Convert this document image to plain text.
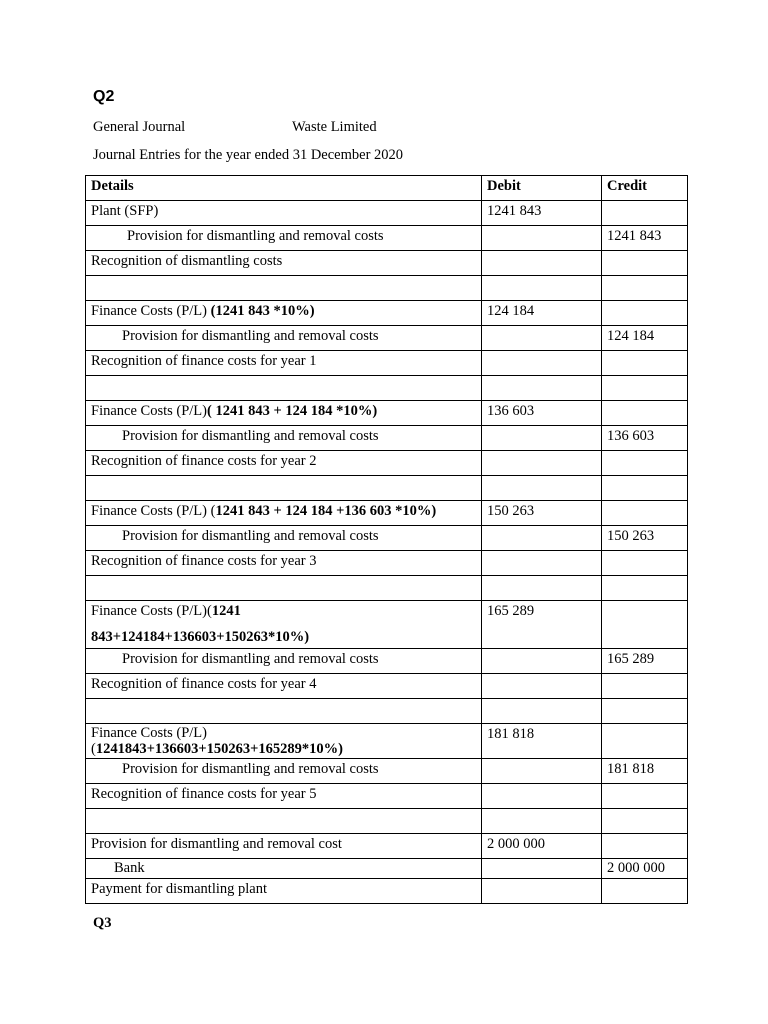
Q2
General Journal	Waste Limited
Journal Entries for the year ended 31 December 2020
Details	Debit	Credit
Plant (SFP)	1241 843	
Provision for dismantling and removal costs		1241 843
Recognition of dismantling costs		

Finance Costs (P/L) (1241 843 *10%)	124 184	
Provision for dismantling and removal costs		124 184
Recognition of finance costs for year 1		

Finance Costs (P/L)( 1241 843 + 124 184 *10%)	136 603	
Provision for dismantling and removal costs		136 603
Recognition of finance costs for year 2		

Finance Costs (P/L) (1241 843 + 124 184 +136 603 *10%)	150 263	
Provision for dismantling and removal costs		150 263
Recognition of finance costs for year 3		

Finance Costs (P/L)(1241
843+124184+136603+150263*10%)	165 289	
Provision for dismantling and removal costs		165 289
Recognition of finance costs for year 4		

Finance Costs (P/L)
(1241843+136603+150263+165289*10%)	181 818	
Provision for dismantling and removal costs		181 818
Recognition of finance costs for year 5		

Provision for dismantling and removal cost	2 000 000	
Bank		2 000 000
Payment for dismantling plant		
Q3
